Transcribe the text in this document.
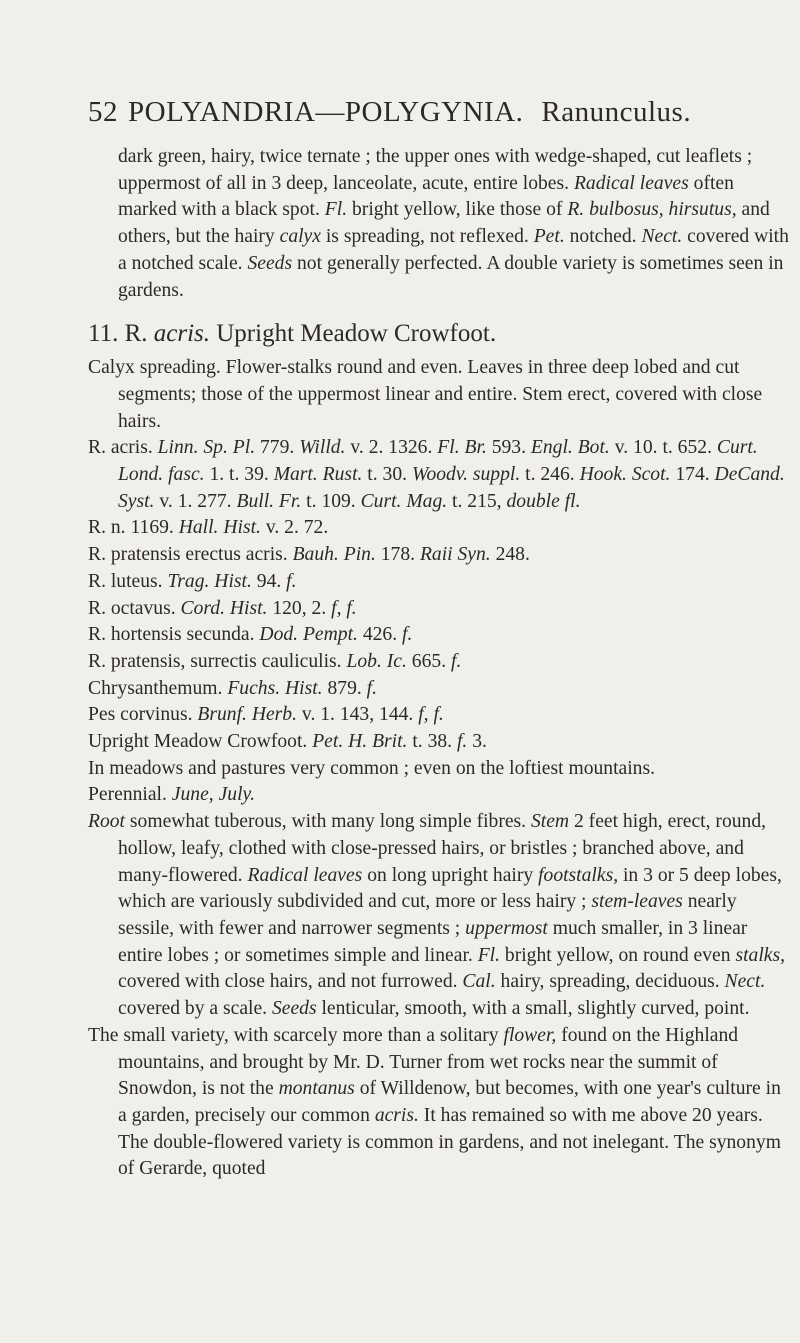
52 POLYANDRIA—POLYGYNIA. Ranunculus.

dark green, hairy, twice ternate ; the upper ones with wedge-shaped, cut leaflets ; uppermost of all in 3 deep, lanceolate, acute, entire lobes. Radical leaves often marked with a black spot. Fl. bright yellow, like those of R. bulbosus, hirsutus, and others, but the hairy calyx is spreading, not reflexed. Pet. notched. Nect. covered with a notched scale. Seeds not generally perfected. A double variety is sometimes seen in gardens.

11. R. acris. Upright Meadow Crowfoot.

Calyx spreading. Flower-stalks round and even. Leaves in three deep lobed and cut segments; those of the uppermost linear and entire. Stem erect, covered with close hairs.

R. acris. Linn. Sp. Pl. 779. Willd. v. 2. 1326. Fl. Br. 593. Engl. Bot. v. 10. t. 652. Curt. Lond. fasc. 1. t. 39. Mart. Rust. t. 30. Woodv. suppl. t. 246. Hook. Scot. 174. DeCand. Syst. v. 1. 277. Bull. Fr. t. 109. Curt. Mag. t. 215, double fl.

R. n. 1169. Hall. Hist. v. 2. 72.

R. pratensis erectus acris. Bauh. Pin. 178. Raii Syn. 248.

R. luteus. Trag. Hist. 94. f.

R. octavus. Cord. Hist. 120, 2. f, f.

R. hortensis secunda. Dod. Pempt. 426. f.

R. pratensis, surrectis cauliculis. Lob. Ic. 665. f.

Chrysanthemum. Fuchs. Hist. 879. f.

Pes corvinus. Brunf. Herb. v. 1. 143, 144. f, f.

Upright Meadow Crowfoot. Pet. H. Brit. t. 38. f. 3.

In meadows and pastures very common ; even on the loftiest mountains.

Perennial. June, July.

Root somewhat tuberous, with many long simple fibres. Stem 2 feet high, erect, round, hollow, leafy, clothed with close-pressed hairs, or bristles ; branched above, and many-flowered. Radical leaves on long upright hairy footstalks, in 3 or 5 deep lobes, which are variously subdivided and cut, more or less hairy ; stem-leaves nearly sessile, with fewer and narrower segments ; uppermost much smaller, in 3 linear entire lobes ; or sometimes simple and linear. Fl. bright yellow, on round even stalks, covered with close hairs, and not furrowed. Cal. hairy, spreading, deciduous. Nect. covered by a scale. Seeds lenticular, smooth, with a small, slightly curved, point.

The small variety, with scarcely more than a solitary flower, found on the Highland mountains, and brought by Mr. D. Turner from wet rocks near the summit of Snowdon, is not the montanus of Willdenow, but becomes, with one year's culture in a garden, precisely our common acris. It has remained so with me above 20 years. The double-flowered variety is common in gardens, and not inelegant. The synonym of Gerarde, quoted
